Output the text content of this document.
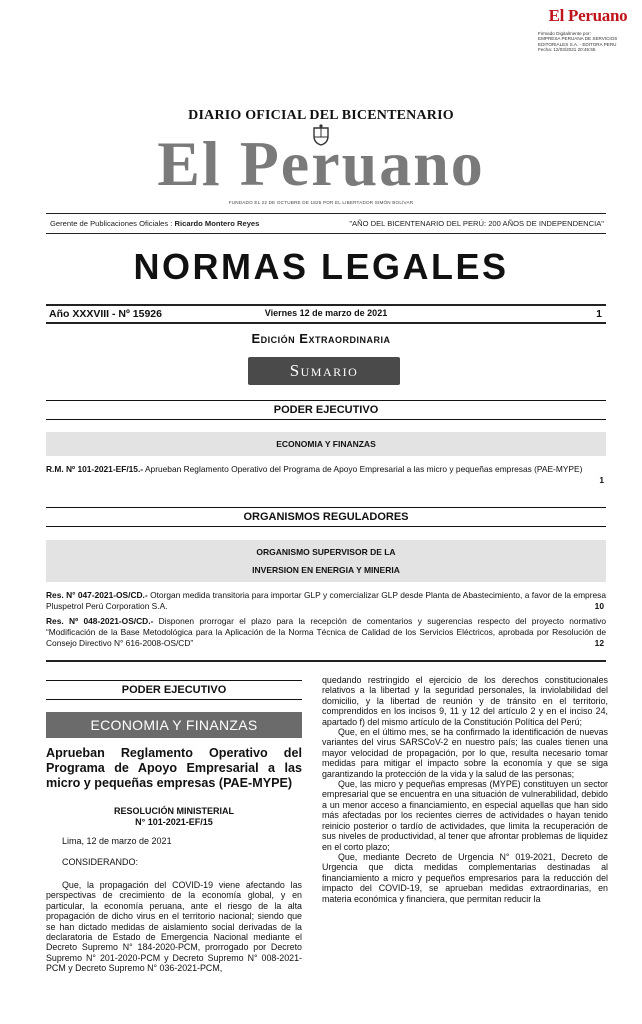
El Peruano
Firmado Digitalmente por:
EMPRESA PERUANA DE SERVICIOS
EDITORIALES S.A. - EDITORA PERU
Fecha: 12/03/2021 20:45:55
DIARIO OFICIAL DEL BICENTENARIO
El Peruano
FUNDADO EL 22 DE OCTUBRE DE 1825 POR EL LIBERTADOR SIMÓN BOLÍVAR
Gerente de Publicaciones Oficiales : Ricardo Montero Reyes	"AÑO DEL BICENTENARIO DEL PERÚ: 200 AÑOS DE INDEPENDENCIA"
NORMAS LEGALES
Año XXXVIII - Nº 15926	Viernes 12 de marzo de 2021	1
Edición Extraordinaria
Sumario
PODER EJECUTIVO
ECONOMIA Y FINANZAS
R.M. Nº 101-2021-EF/15.- Aprueban Reglamento Operativo del Programa de Apoyo Empresarial a las micro y pequeñas empresas (PAE-MYPE)
1
ORGANISMOS REGULADORES
ORGANISMO SUPERVISOR DE LA
INVERSION EN ENERGIA Y MINERIA
Res. N° 047-2021-OS/CD.- Otorgan medida transitoria para importar GLP y comercializar GLP desde Planta de Abastecimiento, a favor de la empresa Pluspetrol Perú Corporation S.A.	10
Res. Nº 048-2021-OS/CD.- Disponen prorrogar el plazo para la recepción de comentarios y sugerencias respecto del proyecto normativo “Modificación de la Base Metodológica para la Aplicación de la Norma Técnica de Calidad de los Servicios Eléctricos, aprobada por Resolución de Consejo Directivo N° 616-2008-OS/CD”	12
PODER EJECUTIVO
ECONOMIA Y FINANZAS
Aprueban Reglamento Operativo del Programa de Apoyo Empresarial a las micro y pequeñas empresas (PAE-MYPE)
RESOLUCIÓN MINISTERIAL
N° 101-2021-EF/15
Lima, 12 de marzo de 2021
CONSIDERANDO:

Que, la propagación del COVID-19 viene afectando las perspectivas de crecimiento de la economía global, y en particular, la economía peruana, ante el riesgo de la alta propagación de dicho virus en el territorio nacional; siendo que se han dictado medidas de aislamiento social derivadas de la declaratoria de Estado de Emergencia Nacional mediante el Decreto Supremo N° 184-2020-PCM, prorrogado por Decreto Supremo N° 201-2020-PCM y Decreto Supremo N° 008-2021-PCM y Decreto Supremo N° 036-2021-PCM,

quedando restringido el ejercicio de los derechos constitucionales relativos a la libertad y la seguridad personales, la inviolabilidad del domicilio, y la libertad de reunión y de tránsito en el territorio, comprendidos en los incisos 9, 11 y 12 del artículo 2 y en el inciso 24, apartado f) del mismo artículo de la Constitución Política del Perú;

Que, en el último mes, se ha confirmado la identificación de nuevas variantes del virus SARSCoV-2 en nuestro país; las cuales tienen una mayor velocidad de propagación, por lo que, resulta necesario tomar medidas para mitigar el impacto sobre la economía y que se siga garantizando la protección de la vida y la salud de las personas;

Que, las micro y pequeñas empresas (MYPE) constituyen un sector empresarial que se encuentra en una situación de vulnerabilidad, debido a un menor acceso a financiamiento, en especial aquellas que han sido más afectadas por los recientes cierres de actividades o hayan tenido reinicio posterior o tardío de actividades, que limita la recuperación de sus niveles de productividad, al tener que afrontar problemas de liquidez en el corto plazo;

Que, mediante Decreto de Urgencia N° 019-2021, Decreto de Urgencia que dicta medidas complementarias destinadas al financiamiento a micro y pequeños empresarios para la reducción del impacto del COVID-19, se aprueban medidas extraordinarias, en materia económica y financiera, que permitan reducir la
